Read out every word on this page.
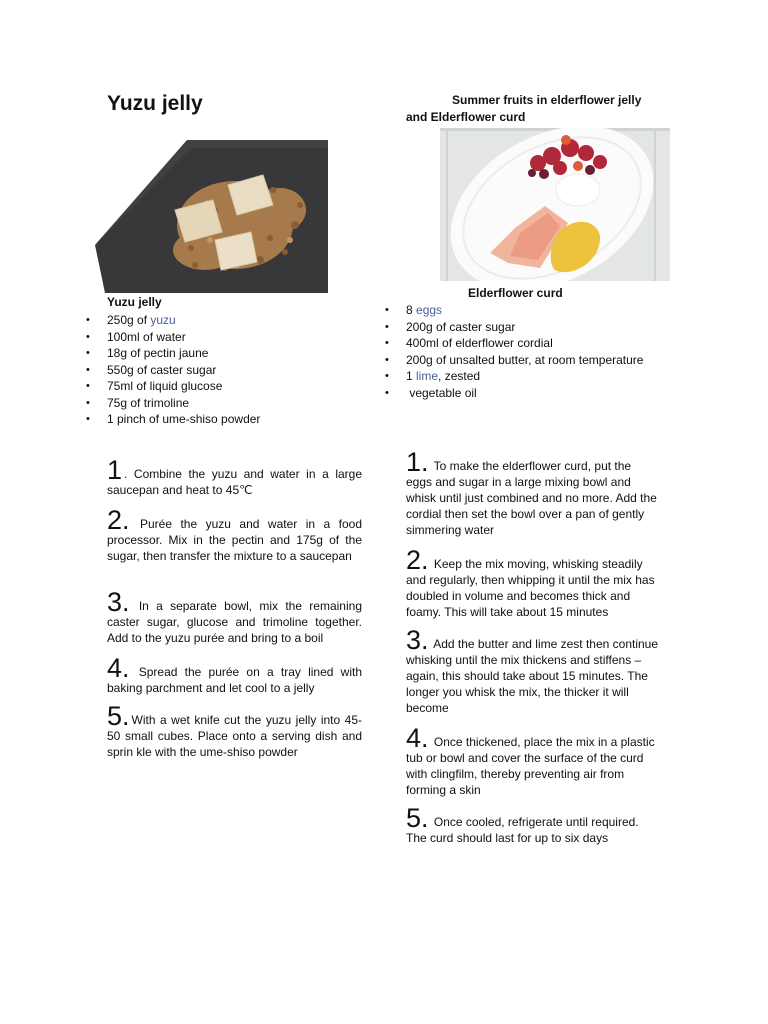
Yuzu jelly	Summer fruits in elderflower jelly
and Elderflower curd
Yuzu jelly
• 250g of yuzu
• 100ml of water
• 18g of pectin jaune
• 550g of caster sugar
• 75ml of liquid glucose
• 75g of trimoline
• 1 pinch of ume-shiso powder
Elderflower curd
• 8 eggs
• 200g of caster sugar
• 400ml of elderflower cordial
• 200g of unsalted butter, at room temperature
• 1 lime, zested
• vegetable oil

1 . Combine the yuzu and water in a large saucepan and heat to 45℃

2. Purée the yuzu and water in a food processor. Mix in the pectin and 175g of the sugar, then transfer the mixture to a saucepan

3. In a separate bowl, mix the remaining caster sugar, glucose and trimoline together. Add to the yuzu purée and bring to a boil

4. Spread the purée on a tray lined with baking parchment and let cool to a jelly

5. With a wet knife cut the yuzu jelly into 45-50 small cubes. Place onto a serving dish and sprin kle with the ume-shiso powder

1. To make the elderflower curd, put the eggs and sugar in a large mixing bowl and whisk until just combined and no more. Add the cordial then set the bowl over a pan of gently simmering water

2. Keep the mix moving, whisking steadily and regularly, then whipping it until the mix has doubled in volume and becomes thick and foamy. This will take about 15 minutes

3. Add the butter and lime zest then continue whisking until the mix thickens and stiffens – again, this should take about 15 minutes. The longer you whisk the mix, the thicker it will become

4. Once thickened, place the mix in a plastic tub or bowl and cover the surface of the curd with clingfilm, thereby preventing air from forming a skin

5. Once cooled, refrigerate until required. The curd should last for up to six days
